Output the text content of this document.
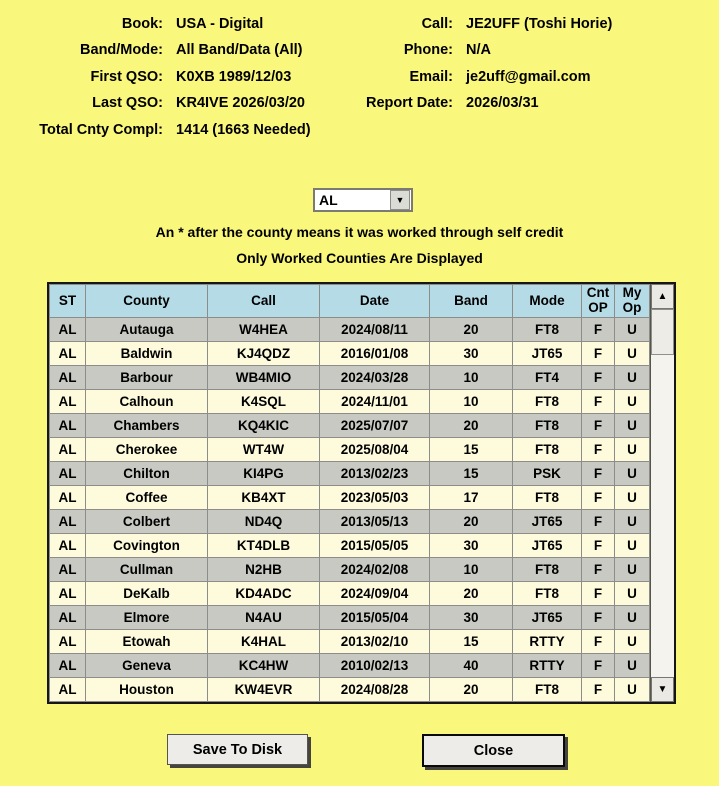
Book: USA - Digital
Band/Mode: All Band/Data (All)
First QSO: K0XB 1989/12/03
Last QSO: KR4IVE 2026/03/20
Total Cnty Compl: 1414 (1663 Needed)
Call: JE2UFF (Toshi Horie)
Phone: N/A
Email: je2uff@gmail.com
Report Date: 2026/03/31
AL	▼
An * after the county means it was worked through self credit
Only Worked Counties Are Displayed
ST	County	Call	Date	Band	Mode	Cnt OP	My Op
AL	Autauga	W4HEA	2024/08/11	20	FT8	F	U
AL	Baldwin	KJ4QDZ	2016/01/08	30	JT65	F	U
AL	Barbour	WB4MIO	2024/03/28	10	FT4	F	U
AL	Calhoun	K4SQL	2024/11/01	10	FT8	F	U
AL	Chambers	KQ4KIC	2025/07/07	20	FT8	F	U
AL	Cherokee	WT4W	2025/08/04	15	FT8	F	U
AL	Chilton	KI4PG	2013/02/23	15	PSK	F	U
AL	Coffee	KB4XT	2023/05/03	17	FT8	F	U
AL	Colbert	ND4Q	2013/05/13	20	JT65	F	U
AL	Covington	KT4DLB	2015/05/05	30	JT65	F	U
AL	Cullman	N2HB	2024/02/08	10	FT8	F	U
AL	DeKalb	KD4ADC	2024/09/04	20	FT8	F	U
AL	Elmore	N4AU	2015/05/04	30	JT65	F	U
AL	Etowah	K4HAL	2013/02/10	15	RTTY	F	U
AL	Geneva	KC4HW	2010/02/13	40	RTTY	F	U
AL	Houston	KW4EVR	2024/08/28	20	FT8	F	U
▲
▼
Save To Disk	Close
